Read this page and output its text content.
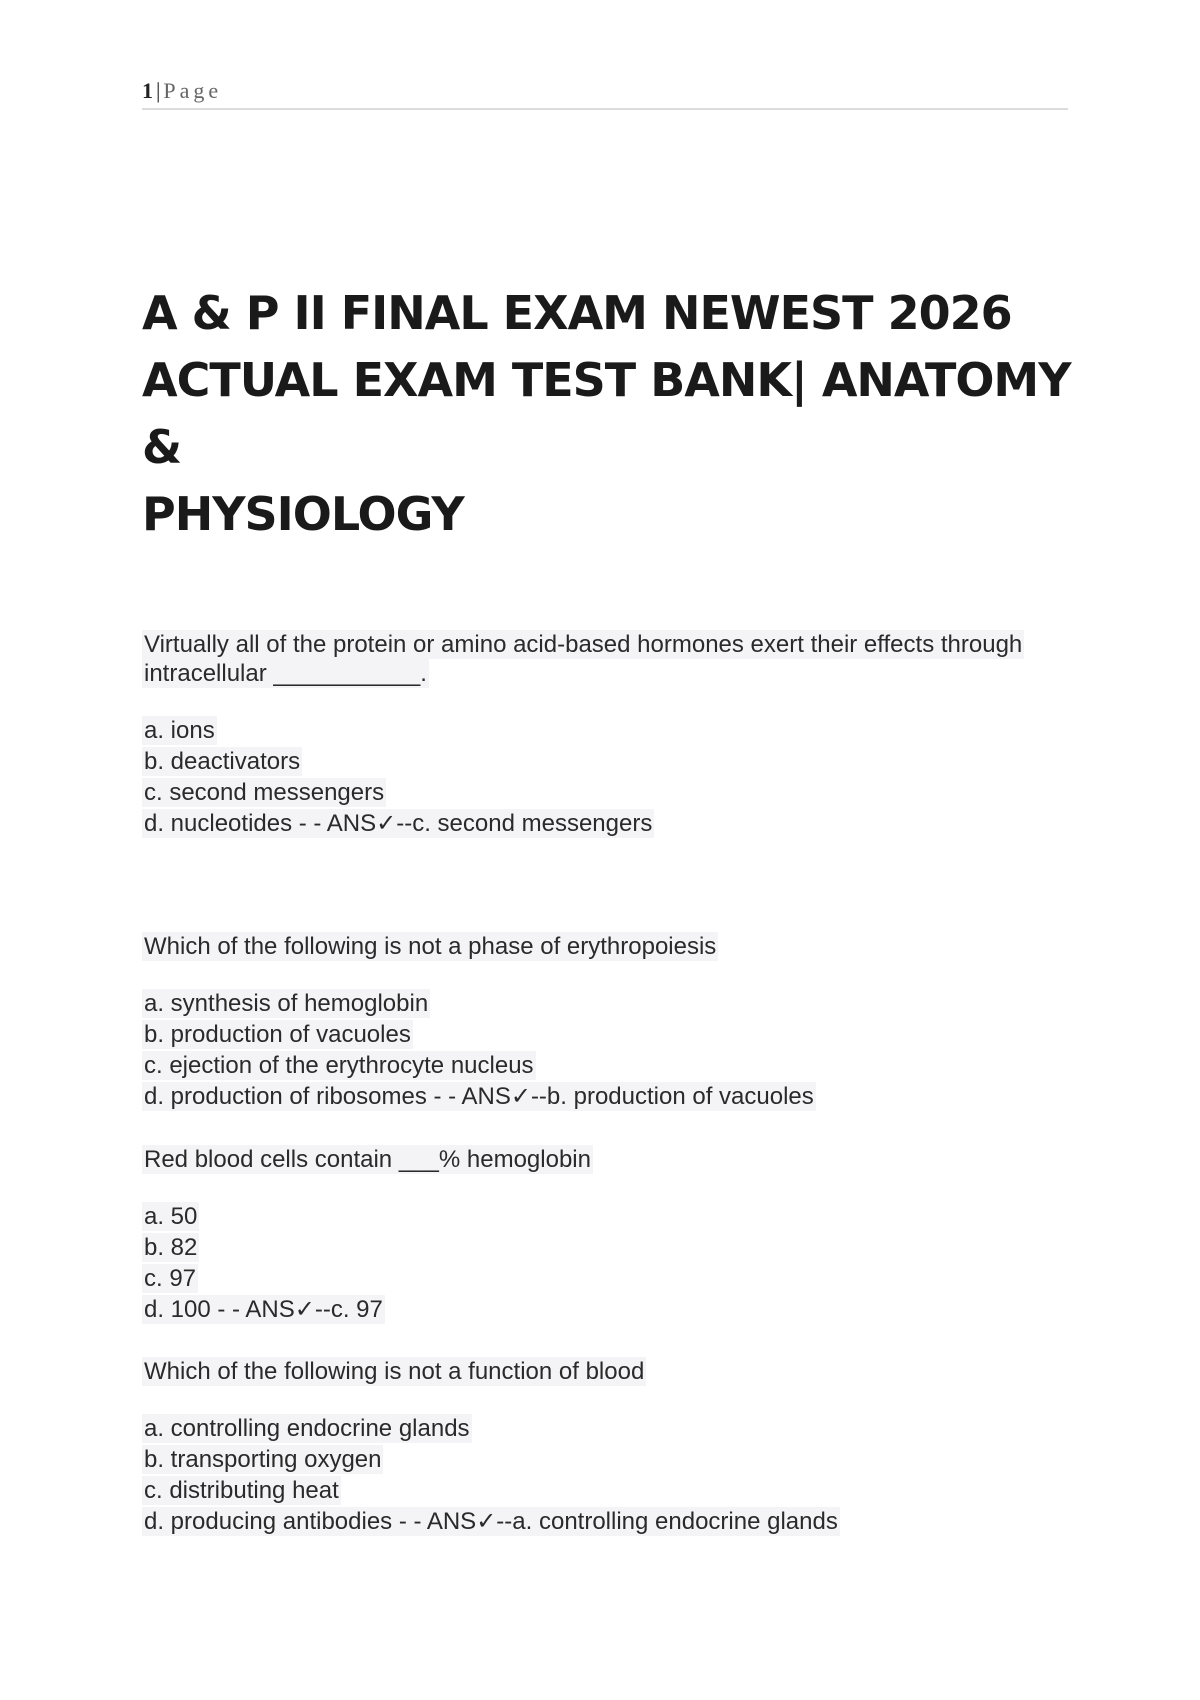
1 | Page
A & P II FINAL EXAM NEWEST 2026
ACTUAL EXAM TEST BANK| ANATOMY &
PHYSIOLOGY
Virtually all of the protein or amino acid-based hormones exert their effects through
intracellular ___________.
a. ions
b. deactivators
c. second messengers
d. nucleotides - - ANS✓--c. second messengers
Which of the following is not a phase of erythropoiesis
a. synthesis of hemoglobin
b. production of vacuoles
c. ejection of the erythrocyte nucleus
d. production of ribosomes - - ANS✓--b. production of vacuoles
Red blood cells contain ___% hemoglobin
a. 50
b. 82
c. 97
d. 100 - - ANS✓--c. 97
Which of the following is not a function of blood
a. controlling endocrine glands
b. transporting oxygen
c. distributing heat
d. producing antibodies - - ANS✓--a. controlling endocrine glands
